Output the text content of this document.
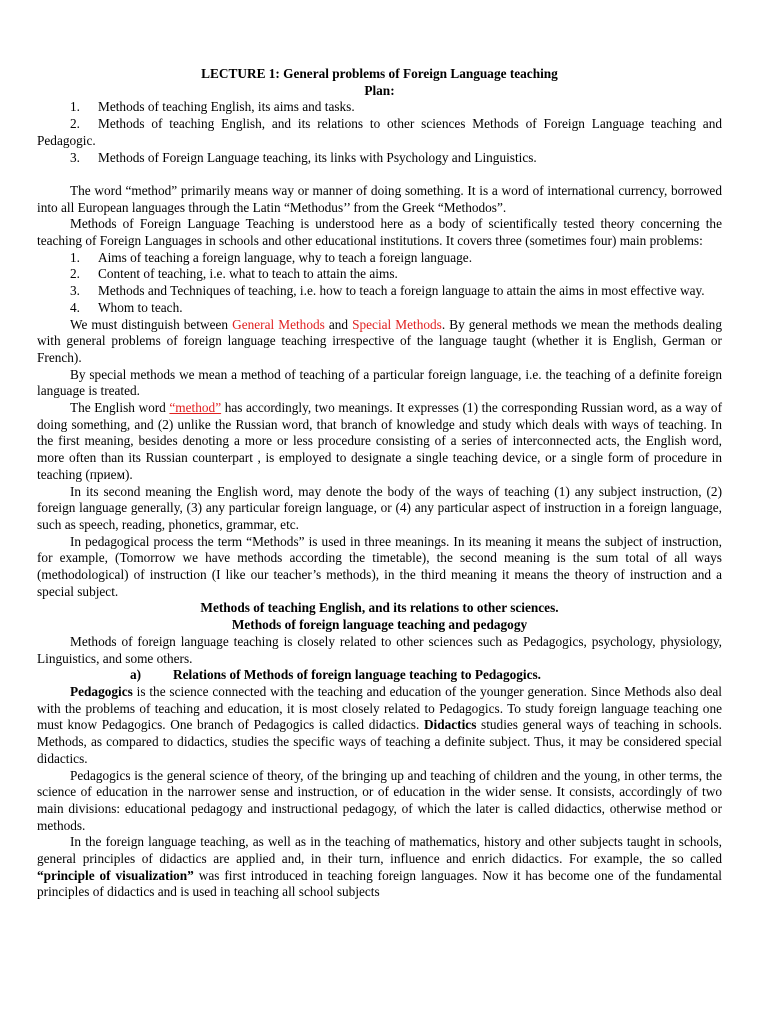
LECTURE 1: General problems of Foreign Language teaching
Plan:
1. Methods of teaching English, its aims and tasks.
2. Methods of teaching English, and its relations to other sciences Methods of Foreign Language teaching and Pedagogic.
3. Methods of Foreign Language teaching, its links with Psychology and Linguistics.

The word “method” primarily means way or manner of doing something. It is a word of international currency, borrowed into all European languages through the Latin “Methodus’’ from the Greek “Methodos”.

Methods of Foreign Language Teaching is understood here as a body of scientifically tested theory concerning the teaching of Foreign Languages in schools and other educational institutions. It covers three (sometimes four) main problems:

1. Aims of teaching a foreign language, why to teach a foreign language.
2. Content of teaching, i.e. what to teach to attain the aims.
3. Methods and Techniques of teaching, i.e. how to teach a foreign language to attain the aims in most effective way.
4. Whom to teach.

We must distinguish between General Methods and Special Methods. By general methods we mean the methods dealing with general problems of foreign language teaching irrespective of the language taught (whether it is English, German or French).

By special methods we mean a method of teaching of a particular foreign language, i.e. the teaching of a definite foreign language is treated.

The English word “method” has accordingly, two meanings. It expresses (1) the corresponding Russian word, as a way of doing something, and (2) unlike the Russian word, that branch of knowledge and study which deals with ways of teaching. In the first meaning, besides denoting a more or less procedure consisting of a series of interconnected acts, the English word, more often than its Russian counterpart , is employed to designate a single teaching device, or a single form of procedure in teaching (прием).

In its second meaning the English word, may denote the body of the ways of teaching (1) any subject instruction, (2) foreign language generally, (3) any particular foreign language, or (4) any particular aspect of instruction in a foreign language, such as speech, reading, phonetics, grammar, etc.

In pedagogical process the term “Methods” is used in three meanings. In its meaning it means the subject of instruction, for example, (Tomorrow we have methods according the timetable), the second meaning is the sum total of all ways (methodological) of instruction (I like our teacher’s methods), in the third meaning it means the theory of instruction and a special subject.

Methods of teaching English, and its relations to other sciences.
Methods of foreign language teaching and pedagogy

Methods of foreign language teaching is closely related to other sciences such as Pedagogics, psychology, physiology, Linguistics, and some others.

a) Relations of Methods of foreign language teaching to Pedagogics.

Pedagogics is the science connected with the teaching and education of the younger generation. Since Methods also deal with the problems of teaching and education, it is most closely related to Pedagogics. To study foreign language teaching one must know Pedagogics. One branch of Pedagogics is called didactics. Didactics studies general ways of teaching in schools. Methods, as compared to didactics, studies the specific ways of teaching a definite subject. Thus, it may be considered special didactics.

Pedagogics is the general science of theory, of the bringing up and teaching of children and the young, in other terms, the science of education in the narrower sense and instruction, or of education in the wider sense. It consists, accordingly of two main divisions: educational pedagogy and instructional pedagogy, of which the later is called didactics, otherwise method or methods.

In the foreign language teaching, as well as in the teaching of mathematics, history and other subjects taught in schools, general principles of didactics are applied and, in their turn, influence and enrich didactics. For example, the so called “principle of visualization” was first introduced in teaching foreign languages. Now it has become one of the fundamental principles of didactics and is used in teaching all school subjects
